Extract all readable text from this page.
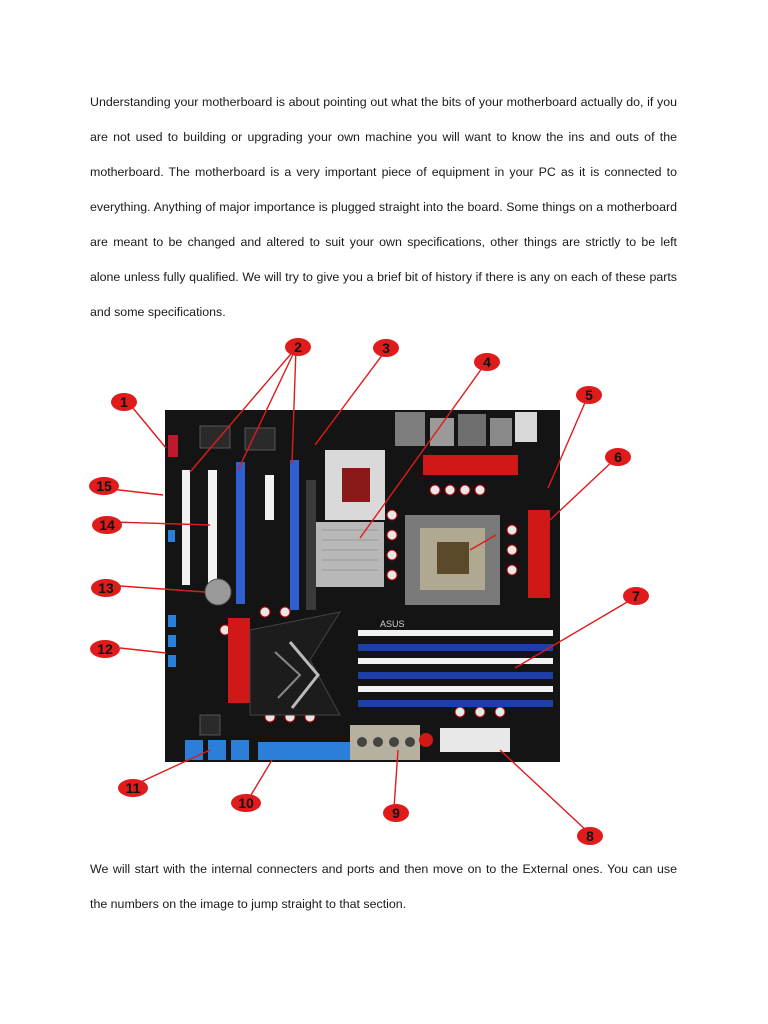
Understanding your motherboard is about pointing out what the bits of your motherboard actually do, if you are not used to building or upgrading your own machine you will want to know the ins and outs of the motherboard. The motherboard is a very important piece of equipment in your PC as it is connected to everything. Anything of major importance is plugged straight into the board. Some things on a motherboard are meant to be changed and altered to suit your own specifications, other things are strictly to be left alone unless fully qualified. We will try to give you a brief bit of history if there is any on each of these parts and some specifications.

ASUS
1
2	3
4
5
6
7
8
9
10
11
12
13
14
15

We will start with the internal connecters and ports and then move on to the External ones. You can use the numbers on the image to jump straight to that section.
